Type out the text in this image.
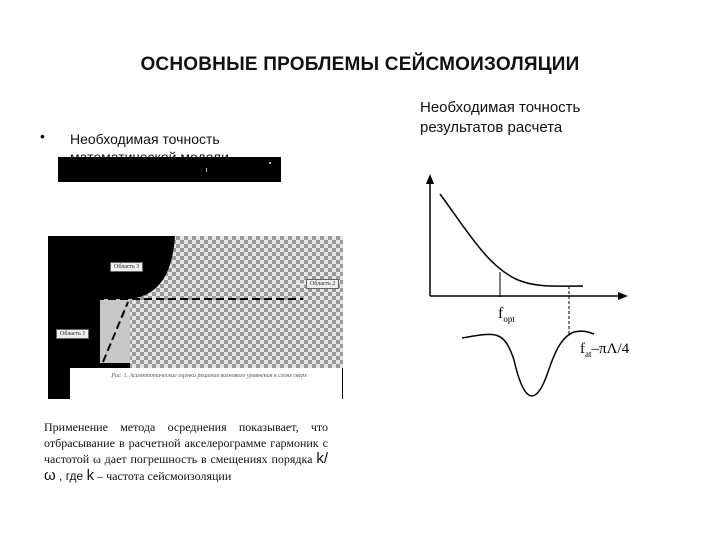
ОСНОВНЫЕ ПРОБЛЕМЫ СЕЙСМОИЗОЛЯЦИИ
• Необходимая точность
Необходимая точность результатов расчета
Область 3
Область 2
Область 1
Рис. 1. Асимптотические оценки решения волнового уравнения в слоях сверх
Применение метода осреднения показывает, что отбрасывание в расчетной акселерограмме гармоник с частотой ω дает погрешность в смещениях порядка k/ω , где k – частота сейсмоизоляции
$f_{opt}$
$f_{at}-\pi\Lambda/4$
